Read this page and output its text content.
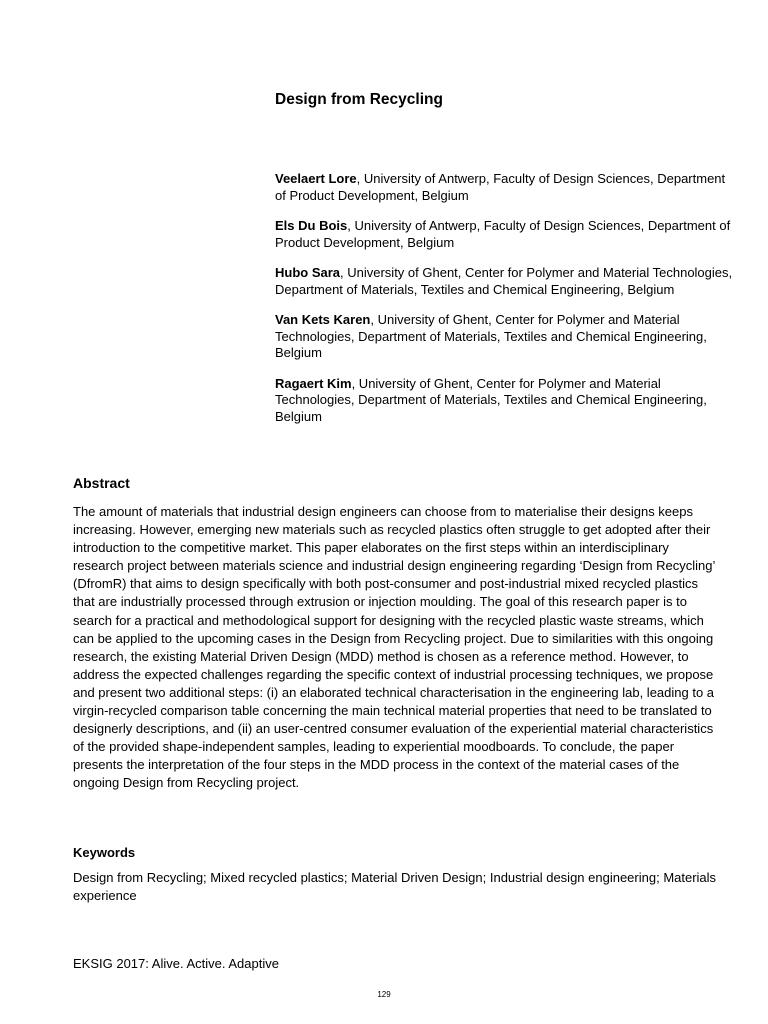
Design from Recycling

Veelaert Lore, University of Antwerp, Faculty of Design Sciences, Department of Product Development, Belgium

Els Du Bois, University of Antwerp, Faculty of Design Sciences, Department of Product Development, Belgium

Hubo Sara, University of Ghent, Center for Polymer and Material Technologies, Department of Materials, Textiles and Chemical Engineering, Belgium

Van Kets Karen, University of Ghent, Center for Polymer and Material Technologies, Department of Materials, Textiles and Chemical Engineering, Belgium

Ragaert Kim, University of Ghent, Center for Polymer and Material Technologies, Department of Materials, Textiles and Chemical Engineering, Belgium

Abstract

The amount of materials that industrial design engineers can choose from to materialise their designs keeps increasing. However, emerging new materials such as recycled plastics often struggle to get adopted after their introduction to the competitive market. This paper elaborates on the first steps within an interdisciplinary research project between materials science and industrial design engineering regarding ‘Design from Recycling’ (DfromR) that aims to design specifically with both post-consumer and post-industrial mixed recycled plastics that are industrially processed through extrusion or injection moulding. The goal of this research paper is to search for a practical and methodological support for designing with the recycled plastic waste streams, which can be applied to the upcoming cases in the Design from Recycling project. Due to similarities with this ongoing research, the existing Material Driven Design (MDD) method is chosen as a reference method. However, to address the expected challenges regarding the specific context of industrial processing techniques, we propose and present two additional steps: (i) an elaborated technical characterisation in the engineering lab, leading to a virgin-recycled comparison table concerning the main technical material properties that need to be translated to designerly descriptions, and (ii) an user-centred consumer evaluation of the experiential material characteristics of the provided shape-independent samples, leading to experiential moodboards. To conclude, the paper presents the interpretation of the four steps in the MDD process in the context of the material cases of the ongoing Design from Recycling project.

Keywords

Design from Recycling; Mixed recycled plastics; Material Driven Design; Industrial design engineering; Materials experience

EKSIG 2017: Alive. Active. Adaptive

129
